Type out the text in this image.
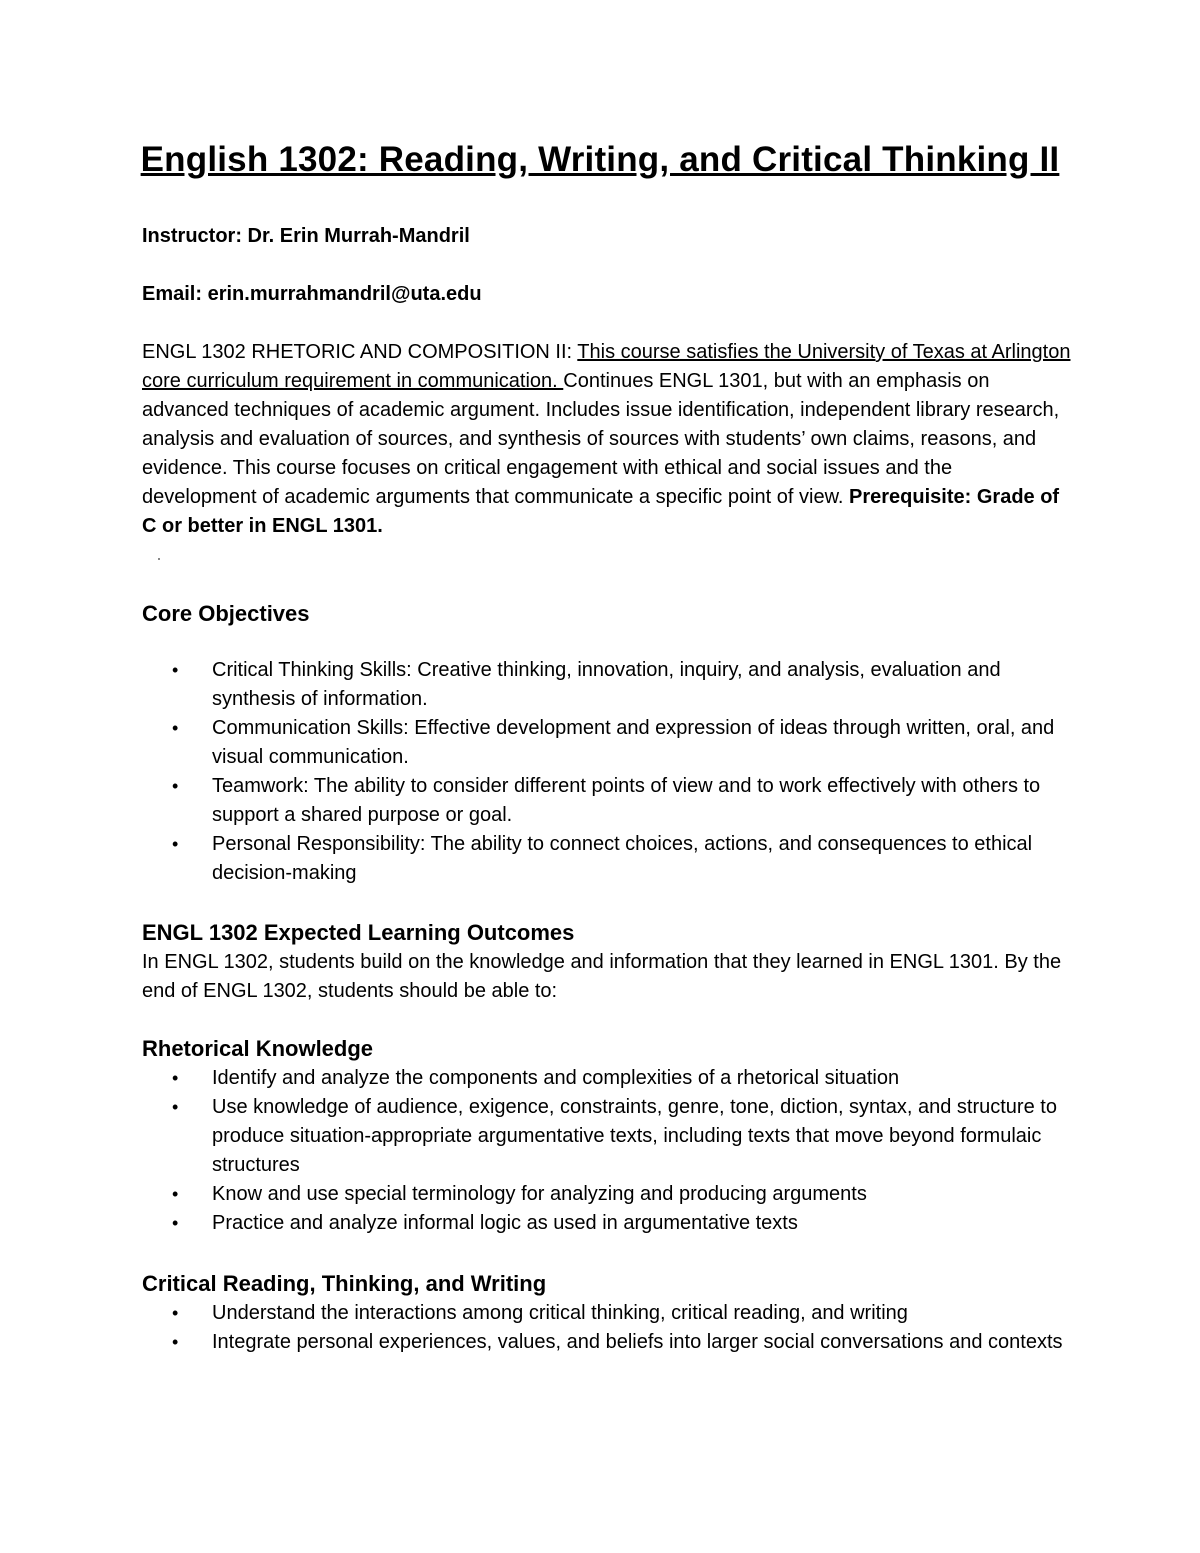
English 1302: Reading, Writing, and Critical Thinking II

Instructor: Dr. Erin Murrah-Mandril

Email: erin.murrahmandril@uta.edu

ENGL 1302 RHETORIC AND COMPOSITION II: This course satisfies the University of Texas at Arlington core curriculum requirement in communication. Continues ENGL 1301, but with an emphasis on advanced techniques of academic argument. Includes issue identification, independent library research, analysis and evaluation of sources, and synthesis of sources with students’ own claims, reasons, and evidence. This course focuses on critical engagement with ethical and social issues and the development of academic arguments that communicate a specific point of view. Prerequisite: Grade of C or better in ENGL 1301.

Core Objectives

• Critical Thinking Skills: Creative thinking, innovation, inquiry, and analysis, evaluation and synthesis of information.
• Communication Skills: Effective development and expression of ideas through written, oral, and visual communication.
• Teamwork: The ability to consider different points of view and to work effectively with others to support a shared purpose or goal.
• Personal Responsibility: The ability to connect choices, actions, and consequences to ethical decision-making

ENGL 1302 Expected Learning Outcomes

In ENGL 1302, students build on the knowledge and information that they learned in ENGL 1301. By the end of ENGL 1302, students should be able to:

Rhetorical Knowledge

• Identify and analyze the components and complexities of a rhetorical situation
• Use knowledge of audience, exigence, constraints, genre, tone, diction, syntax, and structure to produce situation-appropriate argumentative texts, including texts that move beyond formulaic structures
• Know and use special terminology for analyzing and producing arguments
• Practice and analyze informal logic as used in argumentative texts

Critical Reading, Thinking, and Writing

• Understand the interactions among critical thinking, critical reading, and writing
• Integrate personal experiences, values, and beliefs into larger social conversations and contexts
